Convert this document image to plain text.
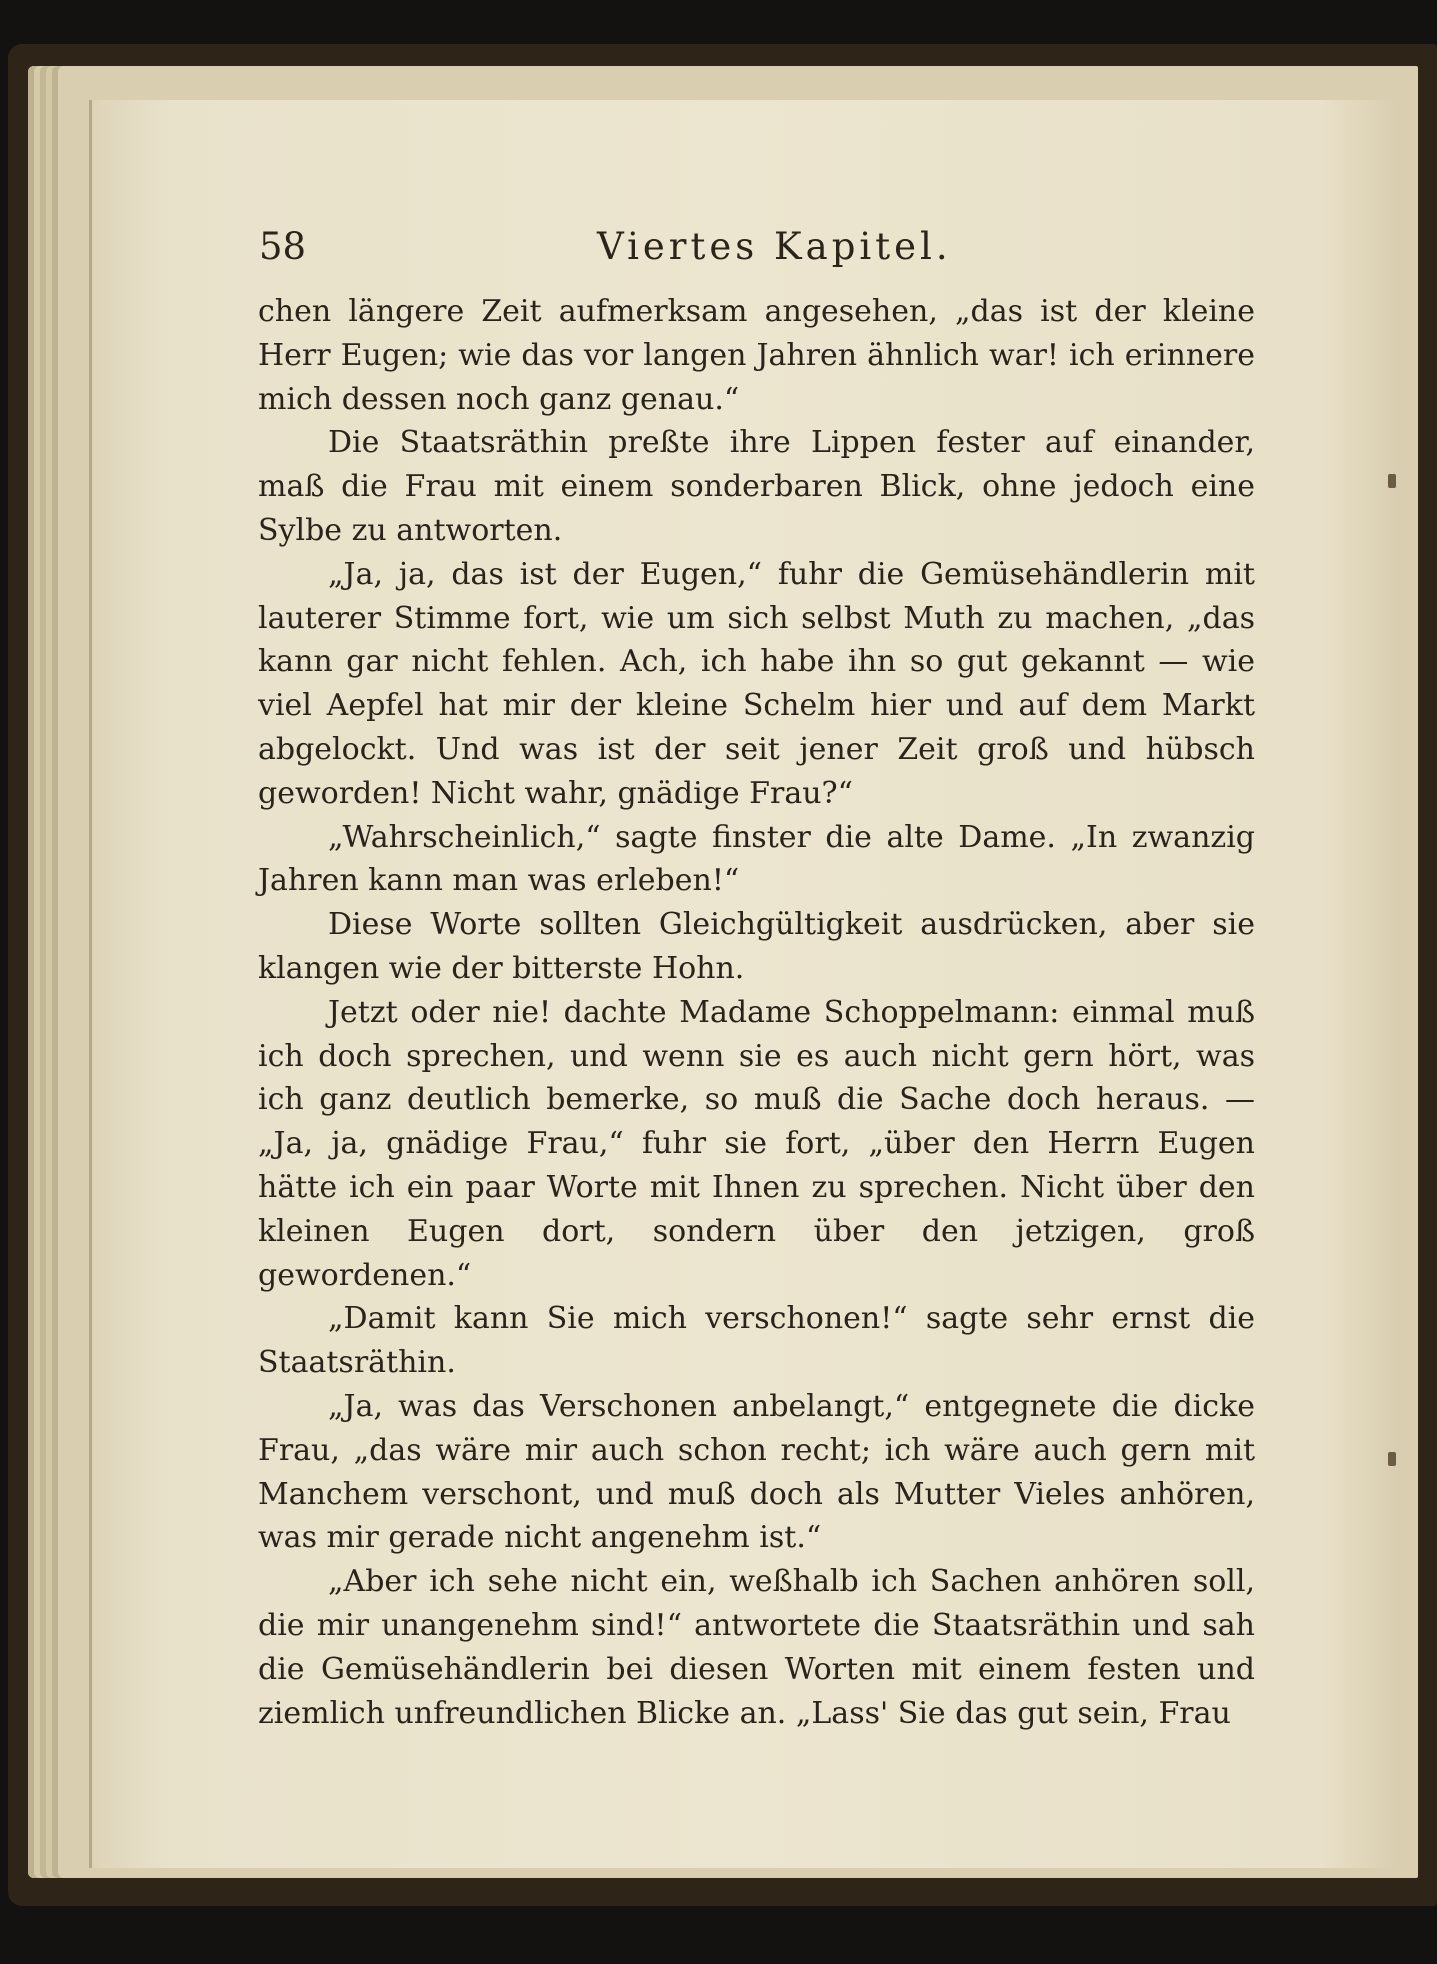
58	Viertes Kapitel.

chen längere Zeit aufmerksam angesehen, „das ist der kleine Herr Eugen; wie das vor langen Jahren ähnlich war! ich erinnere mich dessen noch ganz genau.“

Die Staatsräthin preßte ihre Lippen fester auf einander, maß die Frau mit einem sonderbaren Blick, ohne jedoch eine Sylbe zu antworten.

„Ja, ja, das ist der Eugen,“ fuhr die Gemüsehändlerin mit lauterer Stimme fort, wie um sich selbst Muth zu machen, „das kann gar nicht fehlen. Ach, ich habe ihn so gut gekannt — wie viel Aepfel hat mir der kleine Schelm hier und auf dem Markt abgelockt. Und was ist der seit jener Zeit groß und hübsch geworden! Nicht wahr, gnädige Frau?“

„Wahrscheinlich,“ sagte finster die alte Dame. „In zwanzig Jahren kann man was erleben!“

Diese Worte sollten Gleichgültigkeit ausdrücken, aber sie klangen wie der bitterste Hohn.

Jetzt oder nie! dachte Madame Schoppelmann: einmal muß ich doch sprechen, und wenn sie es auch nicht gern hört, was ich ganz deutlich bemerke, so muß die Sache doch heraus. — „Ja, ja, gnädige Frau,“ fuhr sie fort, „über den Herrn Eugen hätte ich ein paar Worte mit Ihnen zu sprechen. Nicht über den kleinen Eugen dort, sondern über den jetzigen, groß gewordenen.“

„Damit kann Sie mich verschonen!“ sagte sehr ernst die Staatsräthin.

„Ja, was das Verschonen anbelangt,“ entgegnete die dicke Frau, „das wäre mir auch schon recht; ich wäre auch gern mit Manchem verschont, und muß doch als Mutter Vieles anhören, was mir gerade nicht angenehm ist.“

„Aber ich sehe nicht ein, weßhalb ich Sachen anhören soll, die mir unangenehm sind!“ antwortete die Staatsräthin und sah die Gemüsehändlerin bei diesen Worten mit einem festen und ziemlich unfreundlichen Blicke an. „Lass' Sie das gut sein, Frau
